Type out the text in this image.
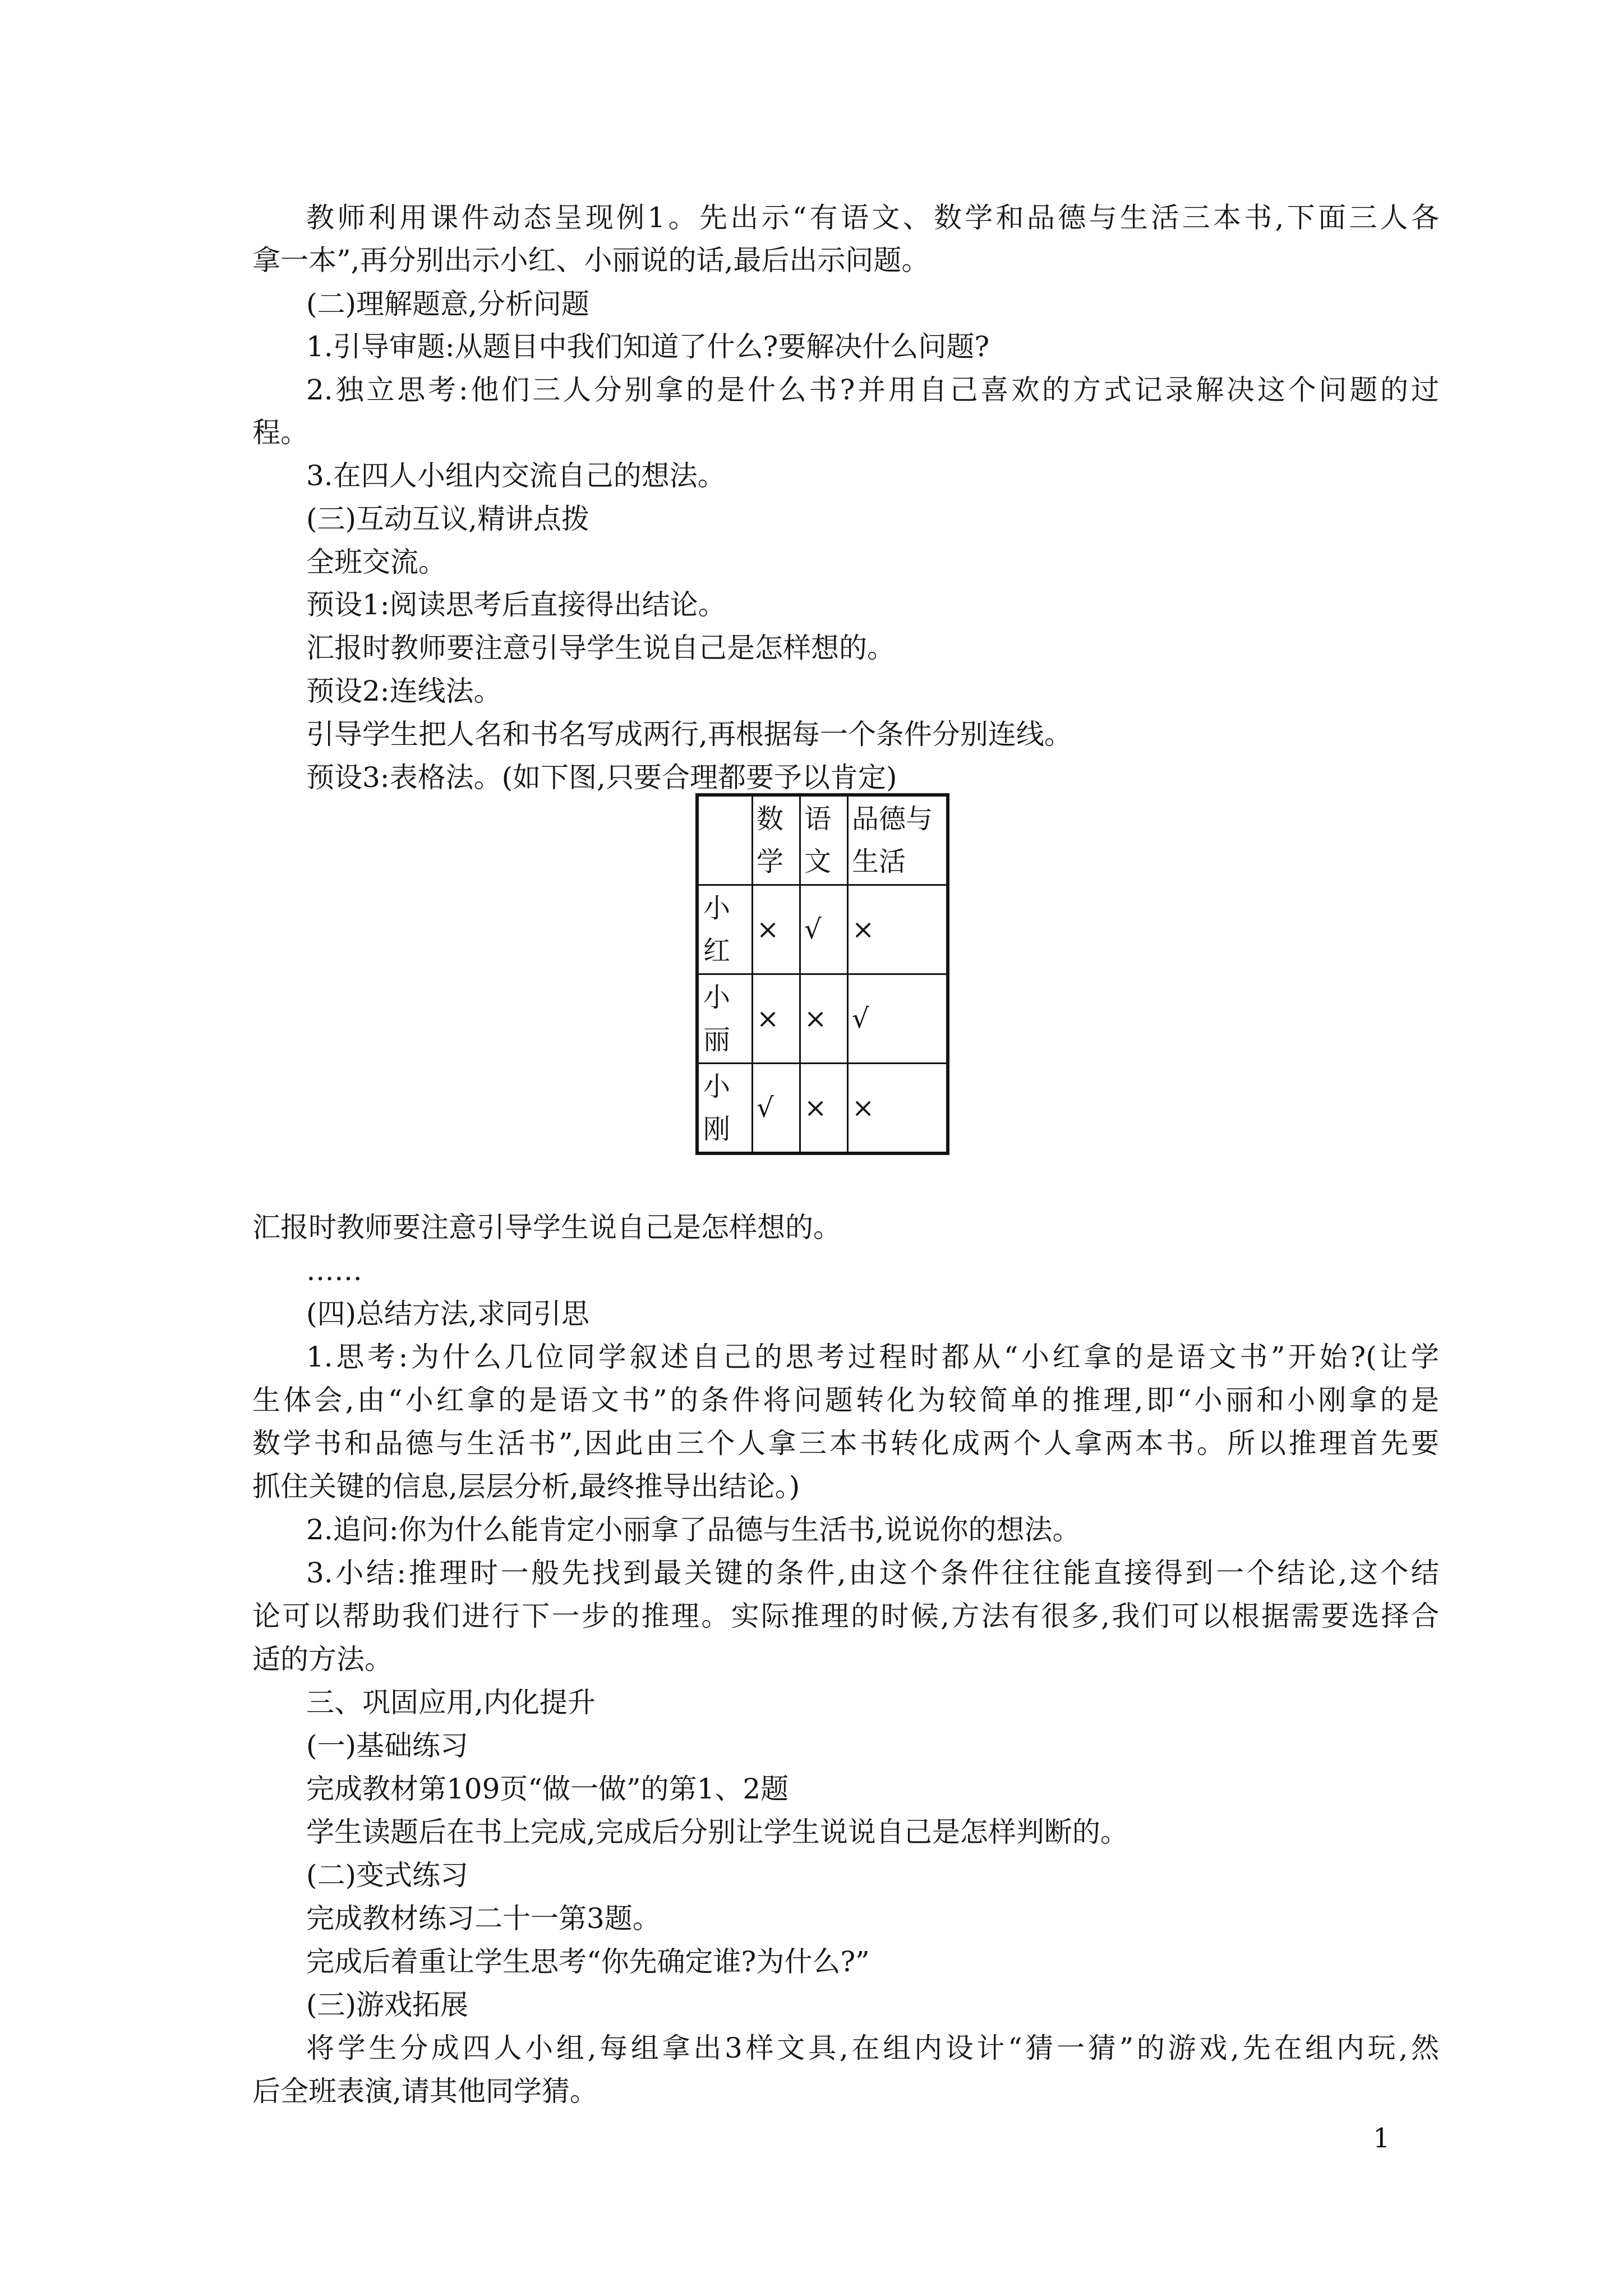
教师利用课件动态呈现例1。先出示“有语文、数学和品德与生活三本书,下面三人各

拿一本”,再分别出示小红、小丽说的话,最后出示问题。

(二)理解题意,分析问题

1.引导审题:从题目中我们知道了什么?要解决什么问题?

2.独立思考:他们三人分别拿的是什么书?并用自己喜欢的方式记录解决这个问题的过

程。

3.在四人小组内交流自己的想法。

(三)互动互议,精讲点拨

全班交流。

预设1:阅读思考后直接得出结论。

汇报时教师要注意引导学生说自己是怎样想的。

预设2:连线法。

引导学生把人名和书名写成两行,再根据每一个条件分别连线。

预设3:表格法。(如下图,只要合理都要予以肯定)

	数学	语文	品德与生活
小红	×	√	×
小丽	×	×	√
小刚	√	×	×

汇报时教师要注意引导学生说自己是怎样想的。

……

(四)总结方法,求同引思

1.思考:为什么几位同学叙述自己的思考过程时都从“小红拿的是语文书”开始?(让学

生体会,由“小红拿的是语文书”的条件将问题转化为较简单的推理,即“小丽和小刚拿的是

数学书和品德与生活书”,因此由三个人拿三本书转化成两个人拿两本书。所以推理首先要

抓住关键的信息,层层分析,最终推导出结论。)

2.追问:你为什么能肯定小丽拿了品德与生活书,说说你的想法。

3.小结:推理时一般先找到最关键的条件,由这个条件往往能直接得到一个结论,这个结

论可以帮助我们进行下一步的推理。实际推理的时候,方法有很多,我们可以根据需要选择合

适的方法。

三、巩固应用,内化提升

(一)基础练习

完成教材第109页“做一做”的第1、2题

学生读题后在书上完成,完成后分别让学生说说自己是怎样判断的。

(二)变式练习

完成教材练习二十一第3题。

完成后着重让学生思考“你先确定谁?为什么?”

(三)游戏拓展

将学生分成四人小组,每组拿出3样文具,在组内设计“猜一猜”的游戏,先在组内玩,然

后全班表演,请其他同学猜。

1
